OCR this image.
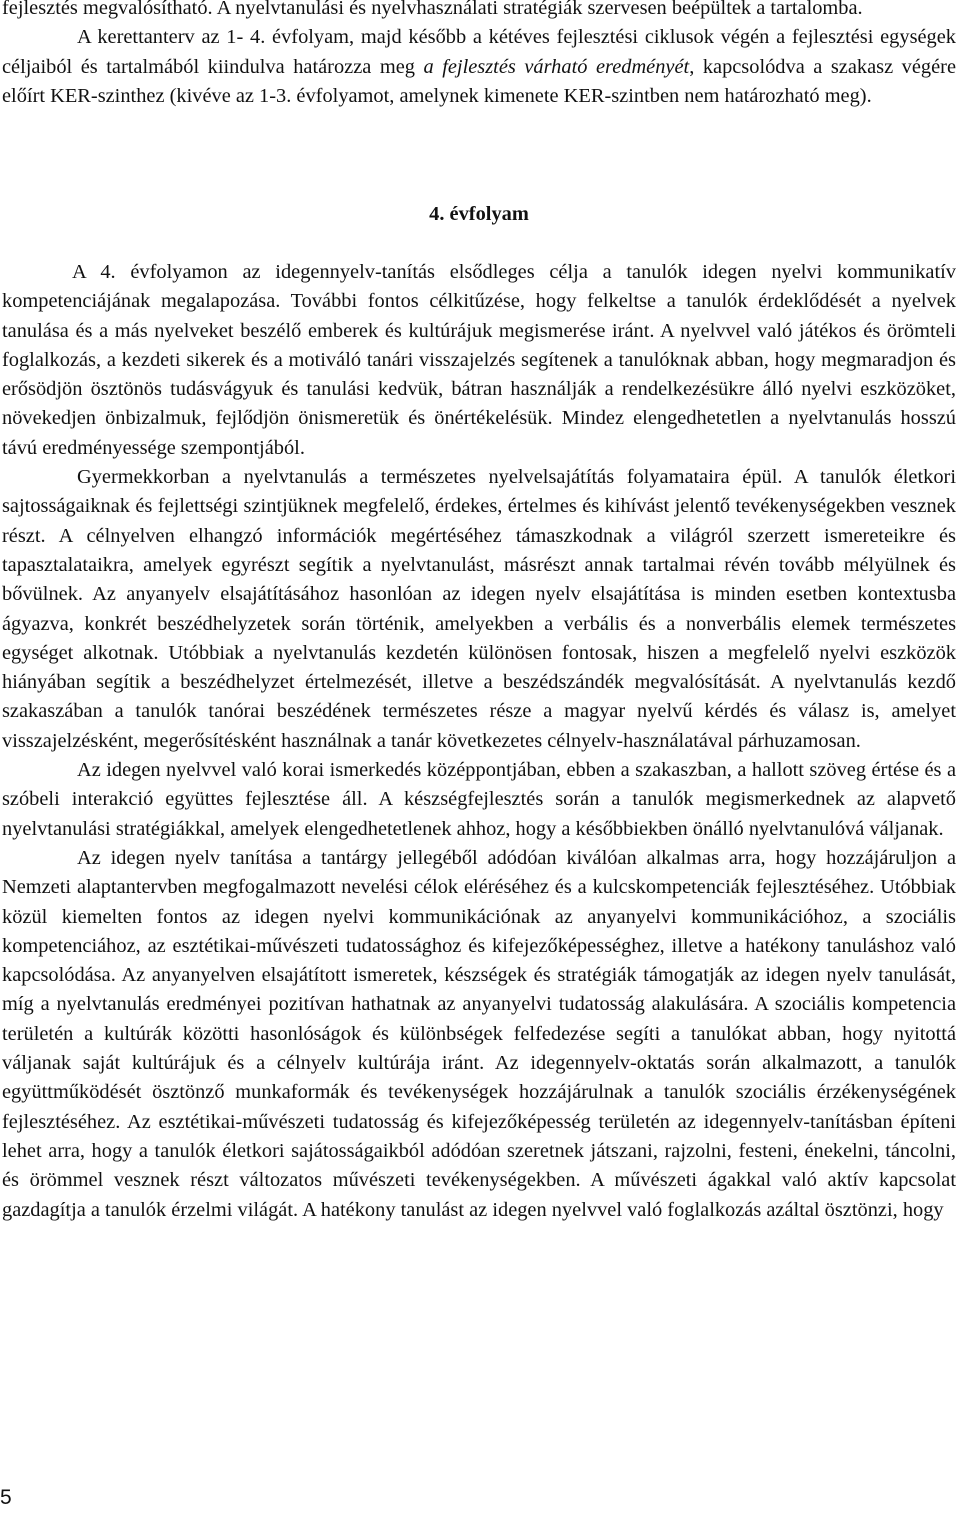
fejlesztés megvalósítható. A nyelvtanulási és nyelvhasználati stratégiák szervesen beépültek a tartalomba.

A kerettanterv az 1- 4. évfolyam, majd később a kétéves fejlesztési ciklusok végén a fejlesztési egységek céljaiból és tartalmából kiindulva határozza meg a fejlesztés várható eredményét, kapcsolódva a szakasz végére előírt KER-szinthez (kivéve az 1-3. évfolyamot, amelynek kimenete KER-szintben nem határozható meg).

4. évfolyam

A 4. évfolyamon az idegennyelv-tanítás elsődleges célja a tanulók idegen nyelvi kommunikatív kompetenciájának megalapozása. További fontos célkitűzése, hogy felkeltse a tanulók érdeklődését a nyelvek tanulása és a más nyelveket beszélő emberek és kultúrájuk megismerése iránt. A nyelvvel való játékos és örömteli foglalkozás, a kezdeti sikerek és a motiváló tanári visszajelzés segítenek a tanulóknak abban, hogy megmaradjon és erősödjön ösztönös tudásvágyuk és tanulási kedvük, bátran használják a rendelkezésükre álló nyelvi eszközöket, növekedjen önbizalmuk, fejlődjön önismeretük és önértékelésük. Mindez elengedhetetlen a nyelvtanulás hosszú távú eredményessége szempontjából.

Gyermekkorban a nyelvtanulás a természetes nyelvelsajátítás folyamataira épül. A tanulók életkori sajtosságaiknak és fejlettségi szintjüknek megfelelő, érdekes, értelmes és kihívást jelentő tevékenységekben vesznek részt. A célnyelven elhangzó információk megértéséhez támaszkodnak a világról szerzett ismereteikre és tapasztalataikra, amelyek egyrészt segítik a nyelvtanulást, másrészt annak tartalmai révén tovább mélyülnek és bővülnek. Az anyanyelv elsajátításához hasonlóan az idegen nyelv elsajátítása is minden esetben kontextusba ágyazva, konkrét beszédhelyzetek során történik, amelyekben a verbális és a nonverbális elemek természetes egységet alkotnak. Utóbbiak a nyelvtanulás kezdetén különösen fontosak, hiszen a megfelelő nyelvi eszközök hiányában segítik a beszédhelyzet értelmezését, illetve a beszédszándék megvalósítását. A nyelvtanulás kezdő szakaszában a tanulók tanórai beszédének természetes része a magyar nyelvű kérdés és válasz is, amelyet visszajelzésként, megerősítésként használnak a tanár következetes célnyelv-használatával párhuzamosan.

Az idegen nyelvvel való korai ismerkedés középpontjában, ebben a szakaszban, a hallott szöveg értése és a szóbeli interakció együttes fejlesztése áll. A készségfejlesztés során a tanulók megismerkednek az alapvető nyelvtanulási stratégiákkal, amelyek elengedhetetlenek ahhoz, hogy a későbbiekben önálló nyelvtanulóvá váljanak.

Az idegen nyelv tanítása a tantárgy jellegéből adódóan kiválóan alkalmas arra, hogy hozzájáruljon a Nemzeti alaptantervben megfogalmazott nevelési célok eléréséhez és a kulcskompetenciák fejlesztéséhez. Utóbbiak közül kiemelten fontos az idegen nyelvi kommunikációnak az anyanyelvi kommunikációhoz, a szociális kompetenciához, az esztétikai-művészeti tudatossághoz és kifejezőképességhez, illetve a hatékony tanuláshoz való kapcsolódása. Az anyanyelven elsajátított ismeretek, készségek és stratégiák támogatják az idegen nyelv tanulását, míg a nyelvtanulás eredményei pozitívan hathatnak az anyanyelvi tudatosság alakulására. A szociális kompetencia területén a kultúrák közötti hasonlóságok és különbségek felfedezése segíti a tanulókat abban, hogy nyitottá váljanak saját kultúrájuk és a célnyelv kultúrája iránt. Az idegennyelv-oktatás során alkalmazott, a tanulók együttműködését ösztönző munkaformák és tevékenységek hozzájárulnak a tanulók szociális érzékenységének fejlesztéséhez. Az esztétikai-művészeti tudatosság és kifejezőképesség területén az idegennyelv-tanításban építeni lehet arra, hogy a tanulók életkori sajátosságaikból adódóan szeretnek játszani, rajzolni, festeni, énekelni, táncolni, és örömmel vesznek részt változatos művészeti tevékenységekben. A művészeti ágakkal való aktív kapcsolat gazdagítja a tanulók érzelmi világát. A hatékony tanulást az idegen nyelvvel való foglalkozás azáltal ösztönzi, hogy

5
